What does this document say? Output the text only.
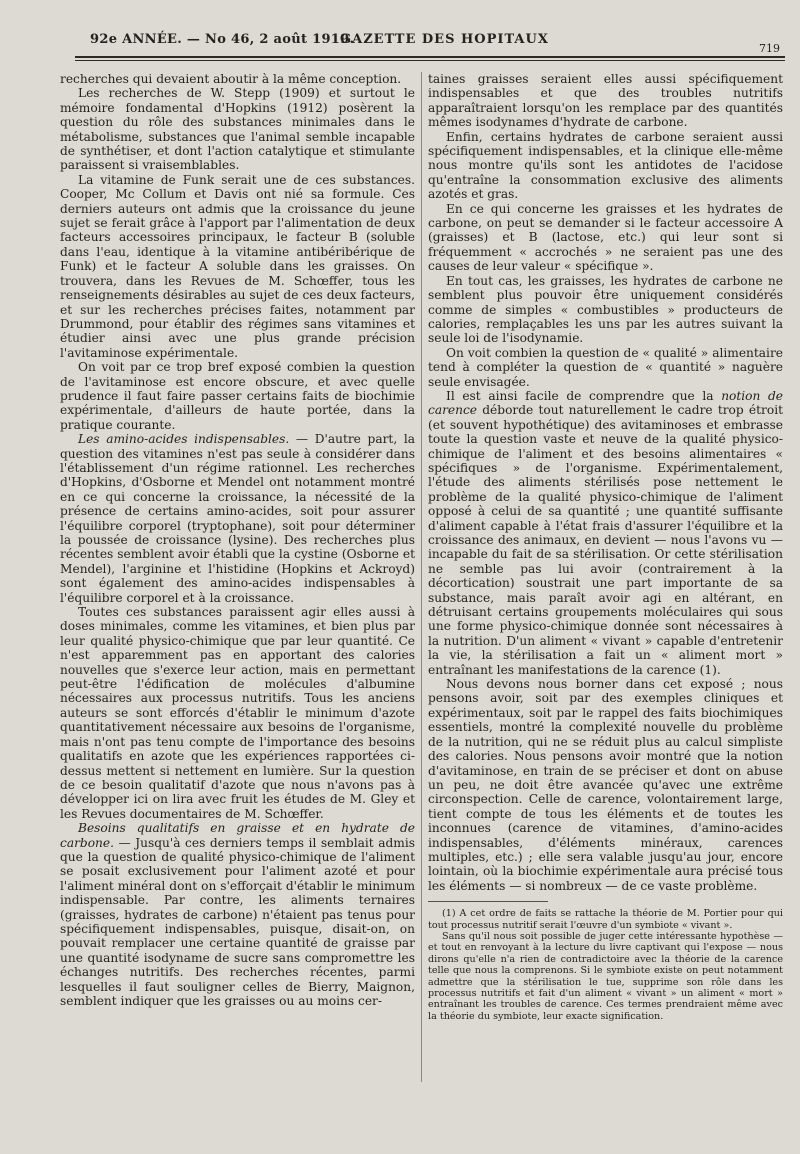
92e ANNÉE. — No 46, 2 août 1919.
GAZETTE DES HOPITAUX
719

recherches qui devaient aboutir à la même conception.

Les recherches de W. Stepp (1909) et surtout le mémoire fondamental d'Hopkins (1912) posèrent la question du rôle des substances minimales dans le métabolisme, substances que l'animal semble incapable de synthétiser, et dont l'action catalytique et stimulante paraissent si vraisemblables.

La vitamine de Funk serait une de ces substances. Cooper, Mc Collum et Davis ont nié sa formule. Ces derniers auteurs ont admis que la croissance du jeune sujet se ferait grâce à l'apport par l'alimentation de deux facteurs accessoires principaux, le facteur B (soluble dans l'eau, identique à la vitamine antibéribérique de Funk) et le facteur A soluble dans les graisses. On trouvera, dans les Revues de M. Schœffer, tous les renseignements désirables au sujet de ces deux facteurs, et sur les recherches précises faites, notamment par Drummond, pour établir des régimes sans vitamines et étudier ainsi avec une plus grande précision l'avitaminose expérimentale.

On voit par ce trop bref exposé combien la question de l'avitaminose est encore obscure, et avec quelle prudence il faut faire passer certains faits de biochimie expérimentale, d'ailleurs de haute portée, dans la pratique courante.

Les amino-acides indispensables. — D'autre part, la question des vitamines n'est pas seule à considérer dans l'établissement d'un régime rationnel. Les recherches d'Hopkins, d'Osborne et Mendel ont notamment montré en ce qui concerne la croissance, la nécessité de la présence de certains amino-acides, soit pour assurer l'équilibre corporel (tryptophane), soit pour déterminer la poussée de croissance (lysine). Des recherches plus récentes semblent avoir établi que la cystine (Osborne et Mendel), l'arginine et l'histidine (Hopkins et Ackroyd) sont également des amino-acides indispensables à l'équilibre corporel et à la croissance.

Toutes ces substances paraissent agir elles aussi à doses minimales, comme les vitamines, et bien plus par leur qualité physico-chimique que par leur quantité. Ce n'est apparemment pas en apportant des calories nouvelles que s'exerce leur action, mais en permettant peut-être l'édification de molécules d'albumine nécessaires aux processus nutritifs. Tous les anciens auteurs se sont efforcés d'établir le minimum d'azote quantitativement nécessaire aux besoins de l'organisme, mais n'ont pas tenu compte de l'importance des besoins qualitatifs en azote que les expériences rapportées ci-dessus mettent si nettement en lumière. Sur la question de ce besoin qualitatif d'azote que nous n'avons pas à développer ici on lira avec fruit les études de M. Gley et les Revues documentaires de M. Schœffer.

Besoins qualitatifs en graisse et en hydrate de carbone. — Jusqu'à ces derniers temps il semblait admis que la question de qualité physico-chimique de l'aliment se posait exclusivement pour l'aliment azoté et pour l'aliment minéral dont on s'efforçait d'établir le minimum indispensable. Par contre, les aliments ternaires (graisses, hydrates de carbone) n'étaient pas tenus pour spécifiquement indispensables, puisque, disait-on, on pouvait remplacer une certaine quantité de graisse par une quantité isodyname de sucre sans compromettre les échanges nutritifs. Des recherches récentes, parmi lesquelles il faut souligner celles de Bierry, Maignon, semblent indiquer que les graisses ou au moins cer-

taines graisses seraient elles aussi spécifiquement indispensables et que des troubles nutritifs apparaîtraient lorsqu'on les remplace par des quantités mêmes isodynames d'hydrate de carbone.

Enfin, certains hydrates de carbone seraient aussi spécifiquement indispensables, et la clinique elle-même nous montre qu'ils sont les antidotes de l'acidose qu'entraîne la consommation exclusive des aliments azotés et gras.

En ce qui concerne les graisses et les hydrates de carbone, on peut se demander si le facteur accessoire A (graisses) et B (lactose, etc.) qui leur sont si fréquemment « accrochés » ne seraient pas une des causes de leur valeur « spécifique ».

En tout cas, les graisses, les hydrates de carbone ne semblent plus pouvoir être uniquement considérés comme de simples « combustibles » producteurs de calories, remplaçables les uns par les autres suivant la seule loi de l'isodynamie.

On voit combien la question de « qualité » alimentaire tend à compléter la question de « quantité » naguère seule envisagée.

Il est ainsi facile de comprendre que la notion de carence déborde tout naturellement le cadre trop étroit (et souvent hypothétique) des avitaminoses et embrasse toute la question vaste et neuve de la qualité physico-chimique de l'aliment et des besoins alimentaires « spécifiques » de l'organisme. Expérimentalement, l'étude des aliments stérilisés pose nettement le problème de la qualité physico-chimique de l'aliment opposé à celui de sa quantité ; une quantité suffisante d'aliment capable à l'état frais d'assurer l'équilibre et la croissance des animaux, en devient — nous l'avons vu — incapable du fait de sa stérilisation. Or cette stérilisation ne semble pas lui avoir (contrairement à la décortication) soustrait une part importante de sa substance, mais paraît avoir agi en altérant, en détruisant certains groupements moléculaires qui sous une forme physico-chimique donnée sont nécessaires à la nutrition. D'un aliment « vivant » capable d'entretenir la vie, la stérilisation a fait un « aliment mort » entraînant les manifestations de la carence (1).

Nous devons nous borner dans cet exposé ; nous pensons avoir, soit par des exemples cliniques et expérimentaux, soit par le rappel des faits biochimiques essentiels, montré la complexité nouvelle du problème de la nutrition, qui ne se réduit plus au calcul simpliste des calories. Nous pensons avoir montré que la notion d'avitaminose, en train de se préciser et dont on abuse un peu, ne doit être avancée qu'avec une extrême circonspection. Celle de carence, volontairement large, tient compte de tous les éléments et de toutes les inconnues (carence de vitamines, d'amino-acides indispensables, d'éléments minéraux, carences multiples, etc.) ; elle sera valable jusqu'au jour, encore lointain, où la biochimie expérimentale aura précisé tous les éléments — si nombreux — de ce vaste problème.

(1) A cet ordre de faits se rattache la théorie de M. Portier pour qui tout processus nutritif serait l'œuvre d'un symbiote « vivant ».

Sans qu'il nous soit possible de juger cette intéressante hypothèse — et tout en renvoyant à la lecture du livre captivant qui l'expose — nous dirons qu'elle n'a rien de contradictoire avec la théorie de la carence telle que nous la comprenons. Si le symbiote existe on peut notamment admettre que la stérilisation le tue, supprime son rôle dans les processus nutritifs et fait d'un aliment « vivant » un aliment « mort » entraînant les troubles de carence. Ces termes prendraient même avec la théorie du symbiote, leur exacte signification.
